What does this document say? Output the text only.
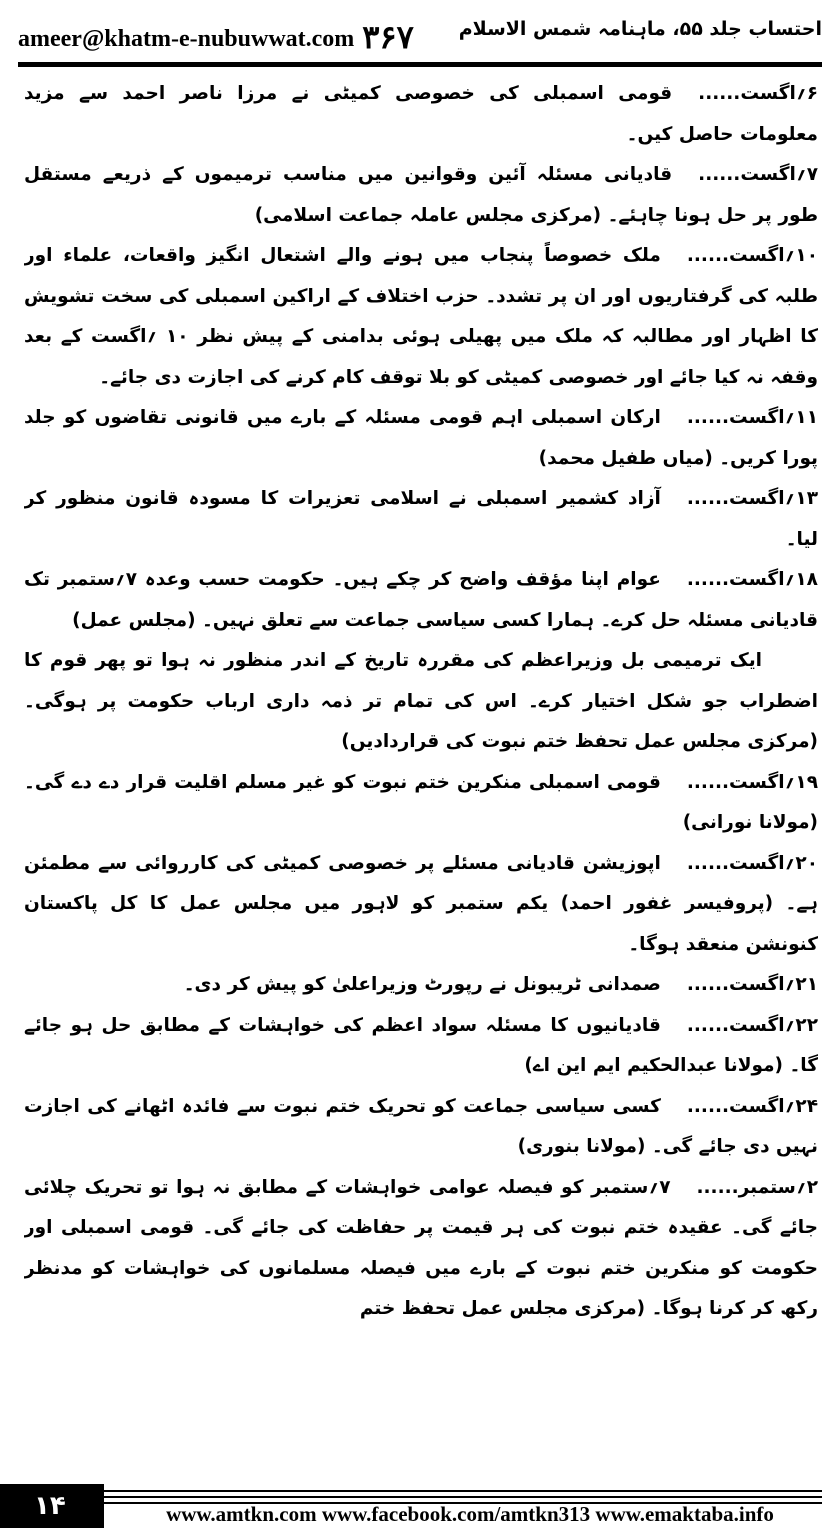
ameer@khatm-e-nubuwwat.com ۳۶۷ احتساب جلد ۵۵، ماہنامہ شمس الاسلام

۶؍اگست......قومی اسمبلی کی خصوصی کمیٹی نے مرزا ناصر احمد سے مزید معلومات حاصل کیں۔

۷؍اگست......قادیانی مسئلہ آئین وقوانین میں مناسب ترمیموں کے ذریعے مستقل طور پر حل ہونا چاہئے۔ (مرکزی مجلس عاملہ جماعت اسلامی)

۱۰؍اگست......ملک خصوصاً پنجاب میں ہونے والے اشتعال انگیز واقعات، علماء اور طلبہ کی گرفتاریوں اور ان پر تشدد۔ حزب اختلاف کے اراکین اسمبلی کی سخت تشویش کا اظہار اور مطالبہ کہ ملک میں پھیلی ہوئی بدامنی کے پیش نظر ۱۰ ؍اگست کے بعد وقفہ نہ کیا جائے اور خصوصی کمیٹی کو بلا توقف کام کرنے کی اجازت دی جائے۔

۱۱؍اگست......ارکان اسمبلی اہم قومی مسئلہ کے بارے میں قانونی تقاضوں کو جلد پورا کریں۔ (میاں طفیل محمد)

۱۳؍اگست......آزاد کشمیر اسمبلی نے اسلامی تعزیرات کا مسودہ قانون منظور کر لیا۔

۱۸؍اگست......عوام اپنا مؤقف واضح کر چکے ہیں۔ حکومت حسب وعدہ ۷؍ستمبر تک قادیانی مسئلہ حل کرے۔ ہمارا کسی سیاسی جماعت سے تعلق نہیں۔ (مجلس عمل)

ایک ترمیمی بل وزیراعظم کی مقررہ تاریخ کے اندر منظور نہ ہوا تو پھر قوم کا اضطراب جو شکل اختیار کرے۔ اس کی تمام تر ذمہ داری ارباب حکومت پر ہوگی۔ (مرکزی مجلس عمل تحفظ ختم نبوت کی قراردادیں)

۱۹؍اگست......قومی اسمبلی منکرین ختم نبوت کو غیر مسلم اقلیت قرار دے دے گی۔ (مولانا نورانی)

۲۰؍اگست......اپوزیشن قادیانی مسئلے پر خصوصی کمیٹی کی کارروائی سے مطمئن ہے۔ (پروفیسر غفور احمد) یکم ستمبر کو لاہور میں مجلس عمل کا کل پاکستان کنونشن منعقد ہوگا۔

۲۱؍اگست......صمدانی ٹریبونل نے رپورٹ وزیراعلیٰ کو پیش کر دی۔

۲۲؍اگست......قادیانیوں کا مسئلہ سواد اعظم کی خواہشات کے مطابق حل ہو جائے گا۔ (مولانا عبدالحکیم ایم این اے)

۲۴؍اگست......کسی سیاسی جماعت کو تحریک ختم نبوت سے فائدہ اٹھانے کی اجازت نہیں دی جائے گی۔ (مولانا بنوری)

۲؍ستمبر......۷؍ستمبر کو فیصلہ عوامی خواہشات کے مطابق نہ ہوا تو تحریک چلائی جائے گی۔ عقیدہ ختم نبوت کی ہر قیمت پر حفاظت کی جائے گی۔ قومی اسمبلی اور حکومت کو منکرین ختم نبوت کے بارے میں فیصلہ مسلمانوں کی خواہشات کو مدنظر رکھ کر کرنا ہوگا۔ (مرکزی مجلس عمل تحفظ ختم

۱۴	www.amtkn.com www.facebook.com/amtkn313 www.emaktaba.info
